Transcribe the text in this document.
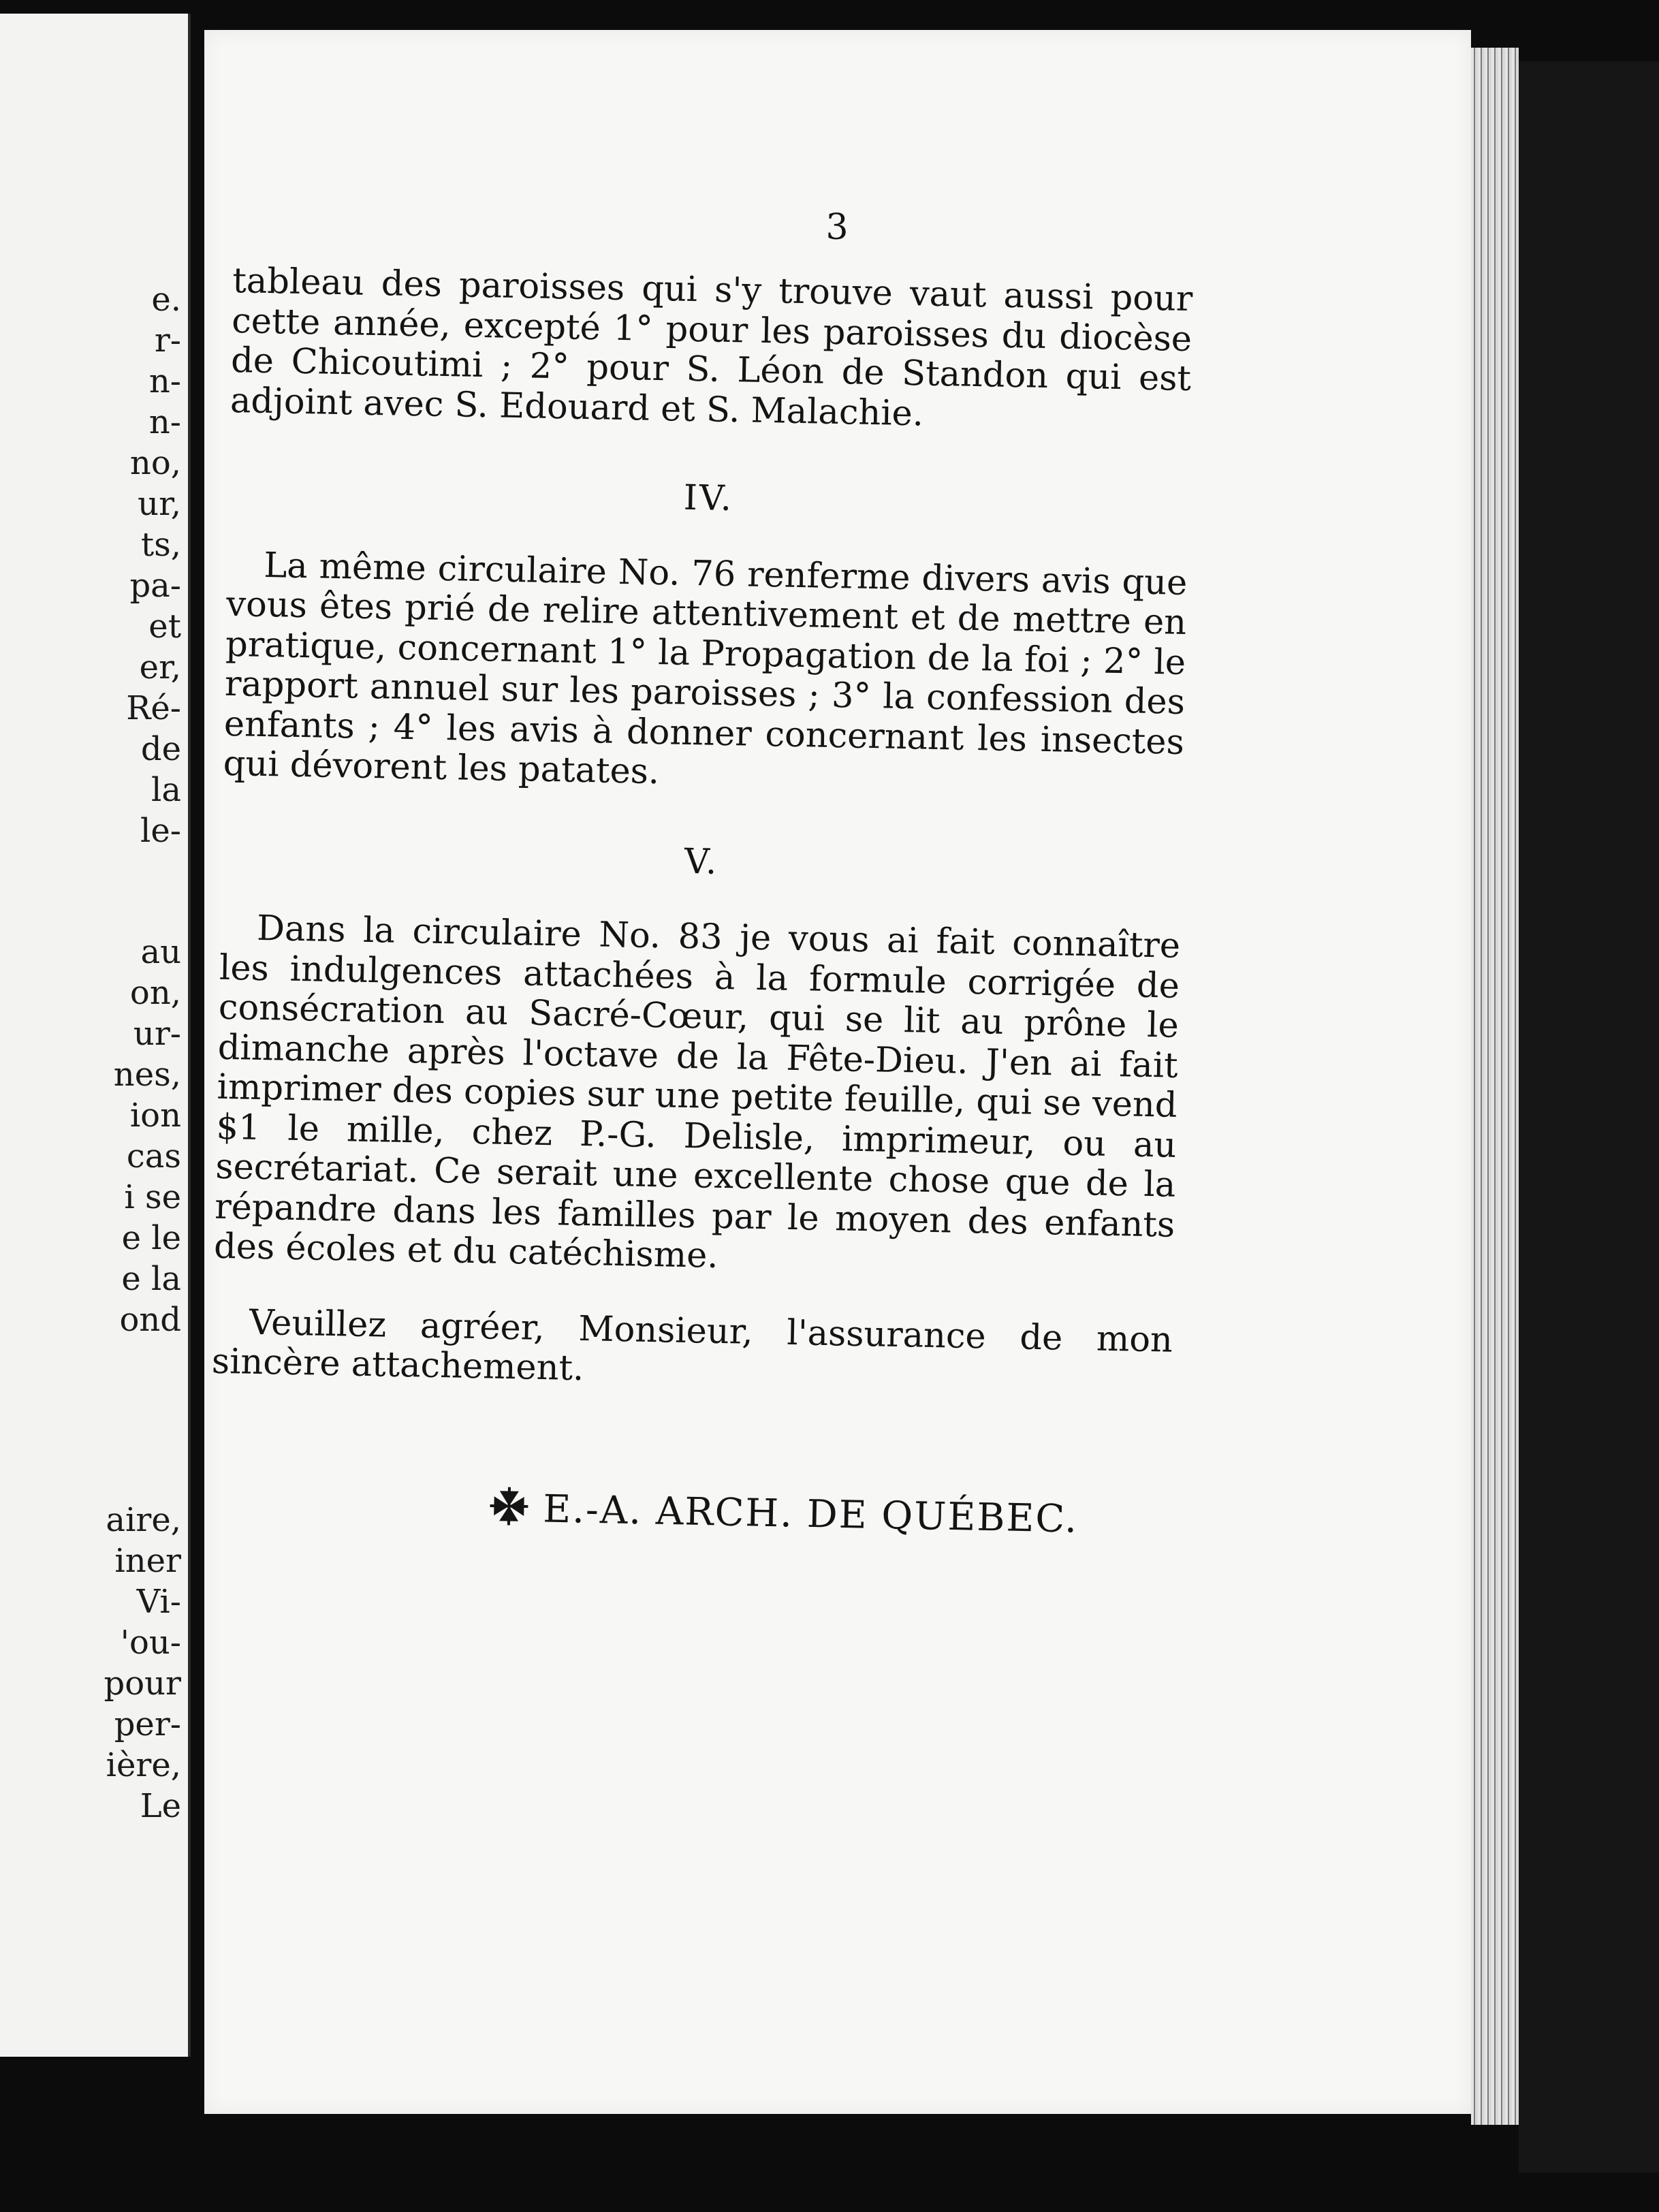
e.
r-
n-
n-
no,
ur,
ts,
pa-
et
er,
Ré-
de
la
le-
au
on,
ur-
nes,
ion
cas
i se
e le
e la
ond
aire,
iner
Vi-
'ou-
pour
per-
ière,
Le
3

tableau des paroisses qui s'y trouve vaut aussi pour cette année, excepté 1° pour les paroisses du diocèse de Chicoutimi ; 2° pour S. Léon de Standon qui est adjoint avec S. Edouard et S. Malachie.

IV.

La même circulaire No. 76 renferme divers avis que vous êtes prié de relire attentivement et de mettre en pratique, concernant 1° la Propagation de la foi ; 2° le rapport annuel sur les paroisses ; 3° la confession des enfants ; 4° les avis à donner concernant les insectes qui dévorent les patates.

V.

Dans la circulaire No. 83 je vous ai fait connaître les indulgences attachées à la formule corrigée de consécration au Sacré-Cœur, qui se lit au prône le dimanche après l'octave de la Fête-Dieu. J'en ai fait imprimer des copies sur une petite feuille, qui se vend $1 le mille, chez P.-G. Delisle, imprimeur, ou au secrétariat. Ce serait une excellente chose que de la répandre dans les familles par le moyen des enfants des écoles et du catéchisme.

Veuillez agréer, Monsieur, l'assurance de mon sincère attachement.

E.-A. ARCH. DE QUÉBEC.
